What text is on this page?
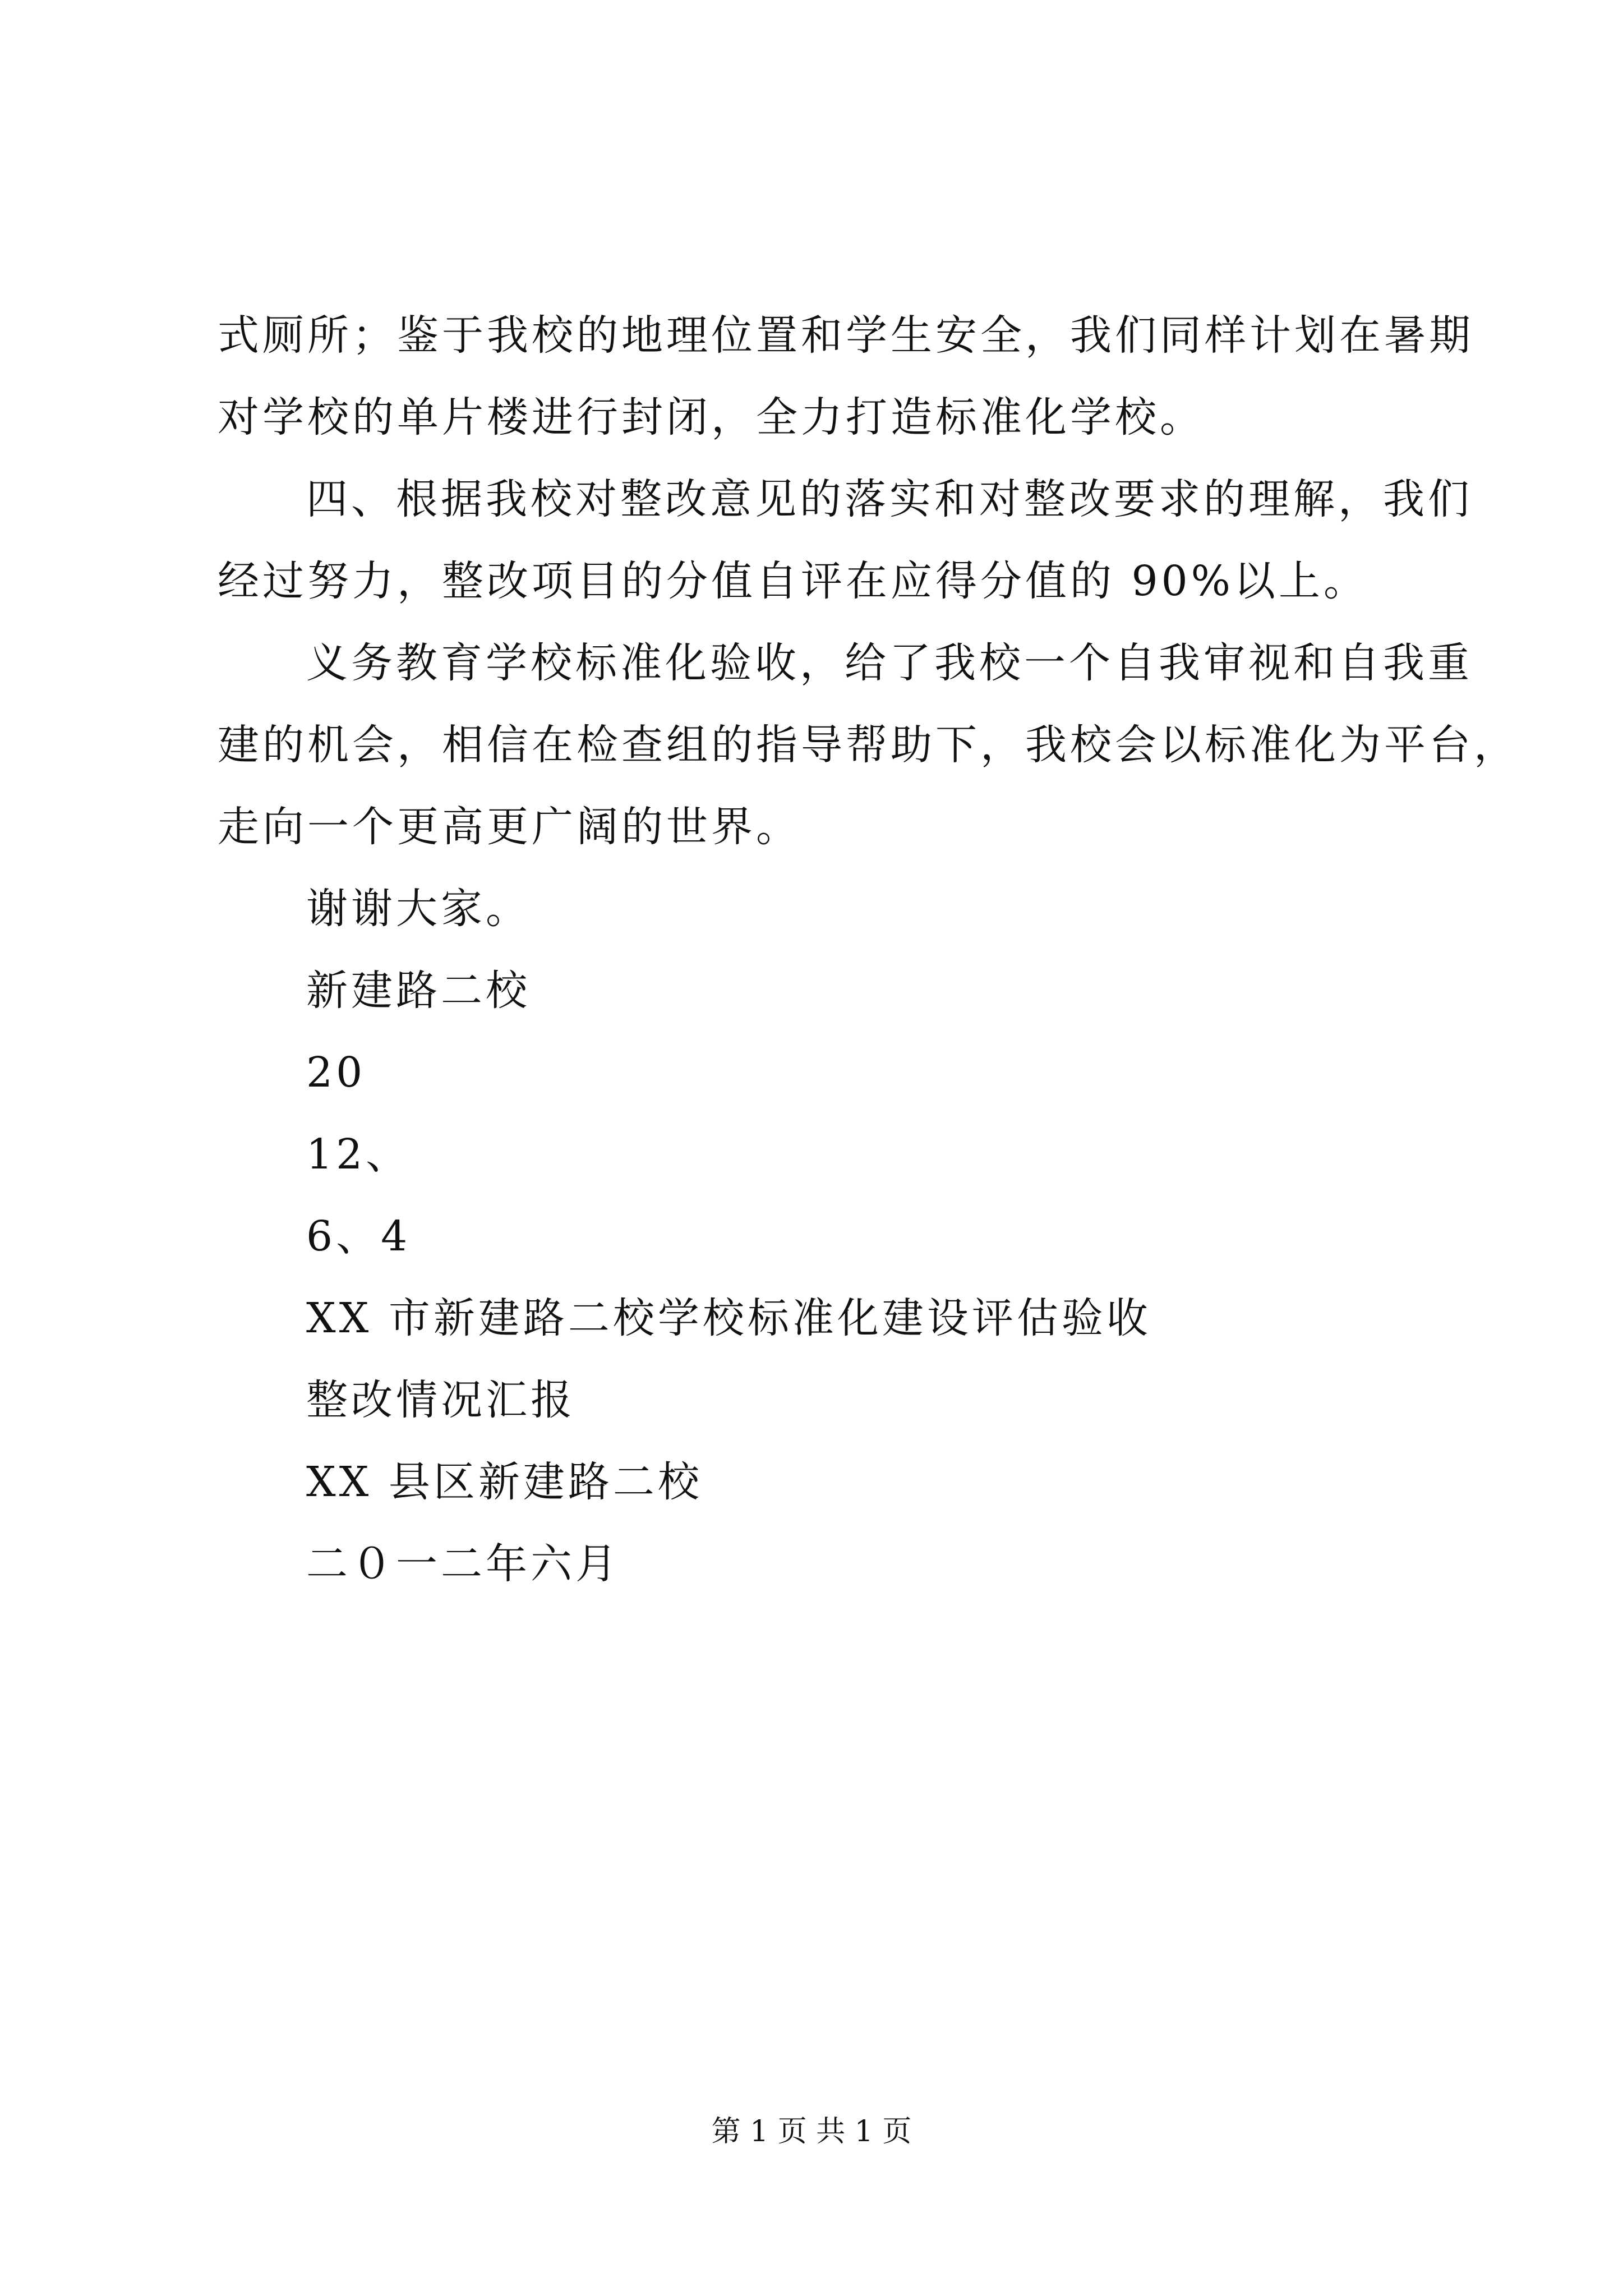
式厕所；鉴于我校的地理位置和学生安全，我们同样计划在暑期
对学校的单片楼进行封闭，全力打造标准化学校。
四、根据我校对整改意见的落实和对整改要求的理解，我们
经过努力，整改项目的分值自评在应得分值的 90%以上。
义务教育学校标准化验收，给了我校一个自我审视和自我重
建的机会，相信在检查组的指导帮助下，我校会以标准化为平台，
走向一个更高更广阔的世界。
谢谢大家。
新建路二校
20
12、
6、4
XX 市新建路二校学校标准化建设评估验收
整改情况汇报
XX 县区新建路二校
二０一二年六月
第 1 页 共 1 页
